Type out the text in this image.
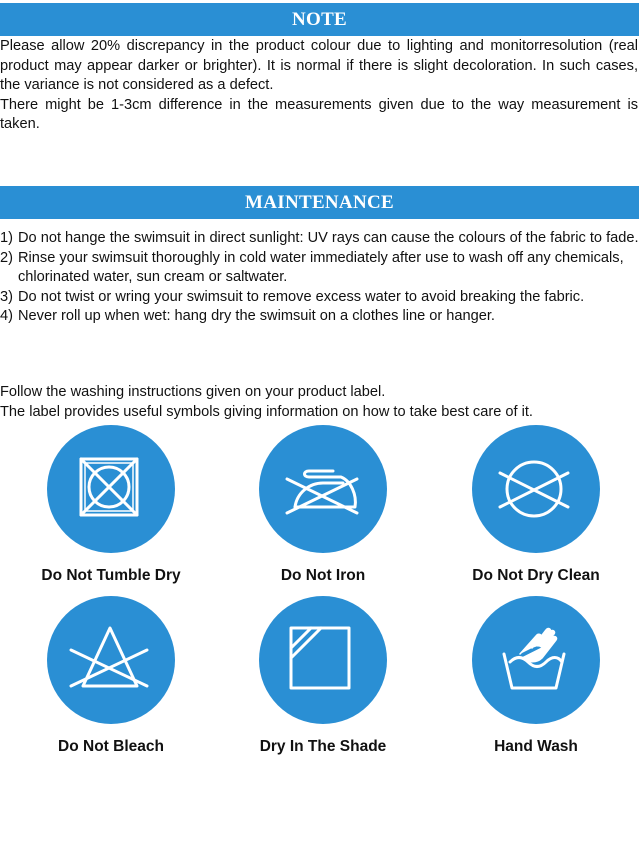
NOTE

Please allow 20% discrepancy in the product colour due to lighting and monitorresolution (real product may appear darker or brighter). It is normal if there is slight decoloration. In such cases, the variance is not considered as a defect.

There might be 1-3cm difference in the measurements given due to the way measurement is taken.

MAINTENANCE
1) Do not hange the swimsuit in direct sunlight: UV rays can cause the colours of the fabric to fade.
2) Rinse your swimsuit thoroughly in cold water immediately after use to wash off any chemicals, chlorinated water, sun cream or saltwater.
3) Do not twist or wring your swimsuit to remove excess water to avoid breaking the fabric.
4) Never roll up when wet: hang dry the swimsuit on a clothes line or hanger.

Follow the washing instructions given on your product label.

The label provides useful symbols giving information on how to take best care of it.

Do Not Tumble Dry	Do Not Iron	Do Not Dry Clean
Do Not Bleach	Dry In The Shade	Hand Wash
